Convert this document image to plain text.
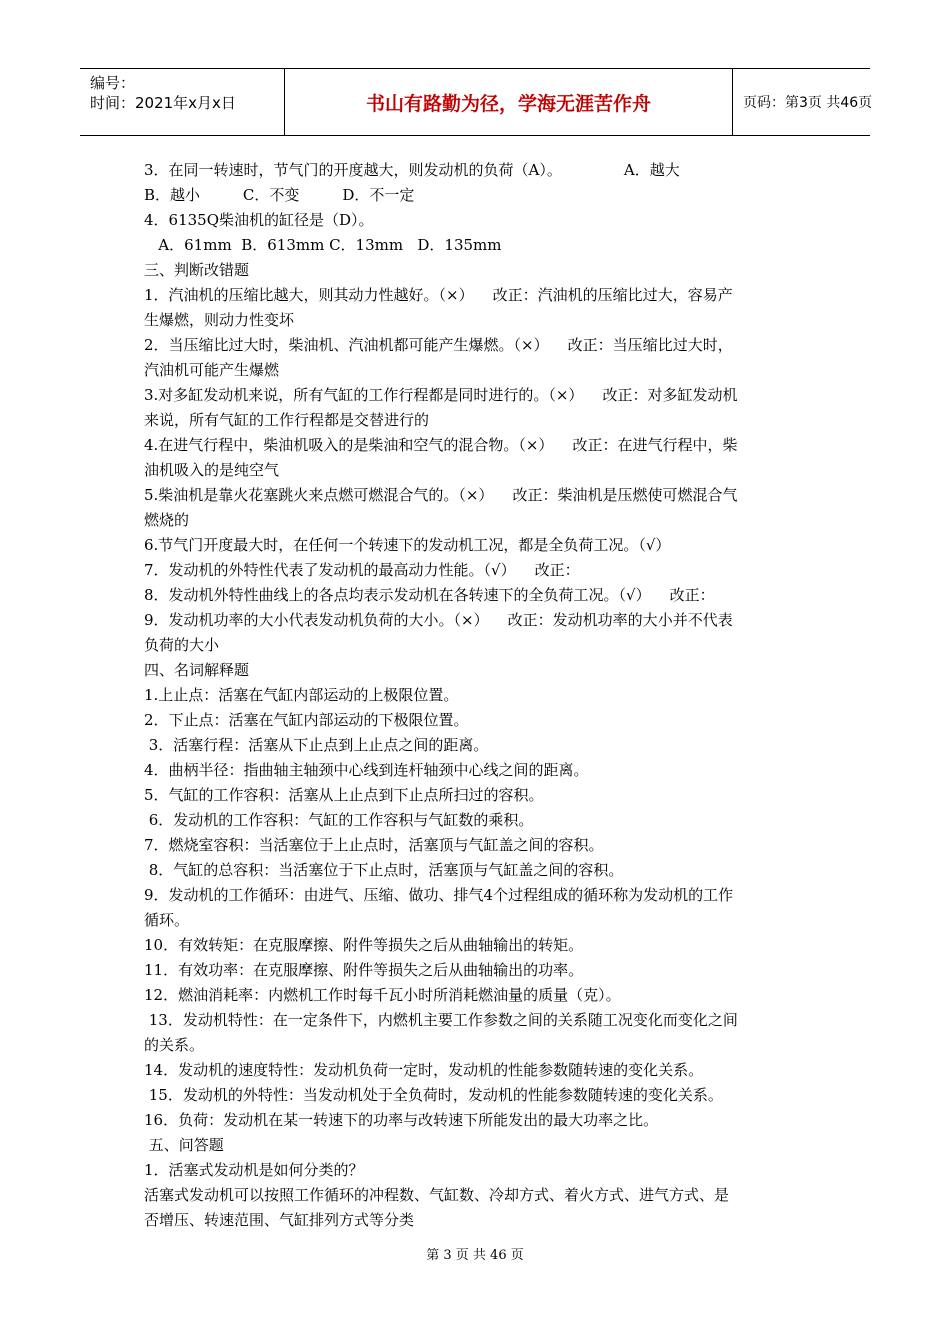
编号：
时间：2021年x月x日	书山有路勤为径，学海无涯苦作舟	页码：第3页 共46页
3．在同一转速时，节气门的开度越大，则发动机的负荷（A）。             A．越大
B．越小         C．不变         D．不一定
4．6135Q柴油机的缸径是（D）。
A．61mm  B．613mm C．13mm   D．135mm
三、判断改错题
1．汽油机的压缩比越大，则其动力性越好。（×）    改正：汽油机的压缩比过大，容易产
生爆燃，则动力性变坏
2．当压缩比过大时，柴油机、汽油机都可能产生爆燃。（×）    改正：当压缩比过大时，
汽油机可能产生爆燃
3.对多缸发动机来说，所有气缸的工作行程都是同时进行的。（×）    改正：对多缸发动机
来说，所有气缸的工作行程都是交替进行的
4.在进气行程中，柴油机吸入的是柴油和空气的混合物。（×）    改正：在进气行程中，柴
油机吸入的是纯空气
5.柴油机是靠火花塞跳火来点燃可燃混合气的。（×）    改正：柴油机是压燃使可燃混合气
燃烧的
6.节气门开度最大时，在任何一个转速下的发动机工况，都是全负荷工况。（√）
7．发动机的外特性代表了发动机的最高动力性能。（√）    改正：
8．发动机外特性曲线上的各点均表示发动机在各转速下的全负荷工况。（√）    改正：
9．发动机功率的大小代表发动机负荷的大小。（×）    改正：发动机功率的大小并不代表
负荷的大小
四、名词解释题
1.上止点：活塞在气缸内部运动的上极限位置。
2．下止点：活塞在气缸内部运动的下极限位置。
3．活塞行程：活塞从下止点到上止点之间的距离。
4．曲柄半径：指曲轴主轴颈中心线到连杆轴颈中心线之间的距离。
5．气缸的工作容积：活塞从上止点到下止点所扫过的容积。
6．发动机的工作容积：气缸的工作容积与气缸数的乘积。
7．燃烧室容积：当活塞位于上止点时，活塞顶与气缸盖之间的容积。
8．气缸的总容积：当活塞位于下止点时，活塞顶与气缸盖之间的容积。
9．发动机的工作循环：由进气、压缩、做功、排气4个过程组成的循环称为发动机的工作
循环。
10．有效转矩：在克服摩擦、附件等损失之后从曲轴输出的转矩。
11．有效功率：在克服摩擦、附件等损失之后从曲轴输出的功率。
12．燃油消耗率：内燃机工作时每千瓦小时所消耗燃油量的质量（克）。
13．发动机特性：在一定条件下，内燃机主要工作参数之间的关系随工况变化而变化之间
的关系。
14．发动机的速度特性：发动机负荷一定时，发动机的性能参数随转速的变化关系。
15．发动机的外特性：当发动机处于全负荷时，发动机的性能参数随转速的变化关系。
16．负荷：发动机在某一转速下的功率与改转速下所能发出的最大功率之比。
五、问答题
1．活塞式发动机是如何分类的？
活塞式发动机可以按照工作循环的冲程数、气缸数、冷却方式、着火方式、进气方式、是
否增压、转速范围、气缸排列方式等分类
第 3 页 共 46 页
